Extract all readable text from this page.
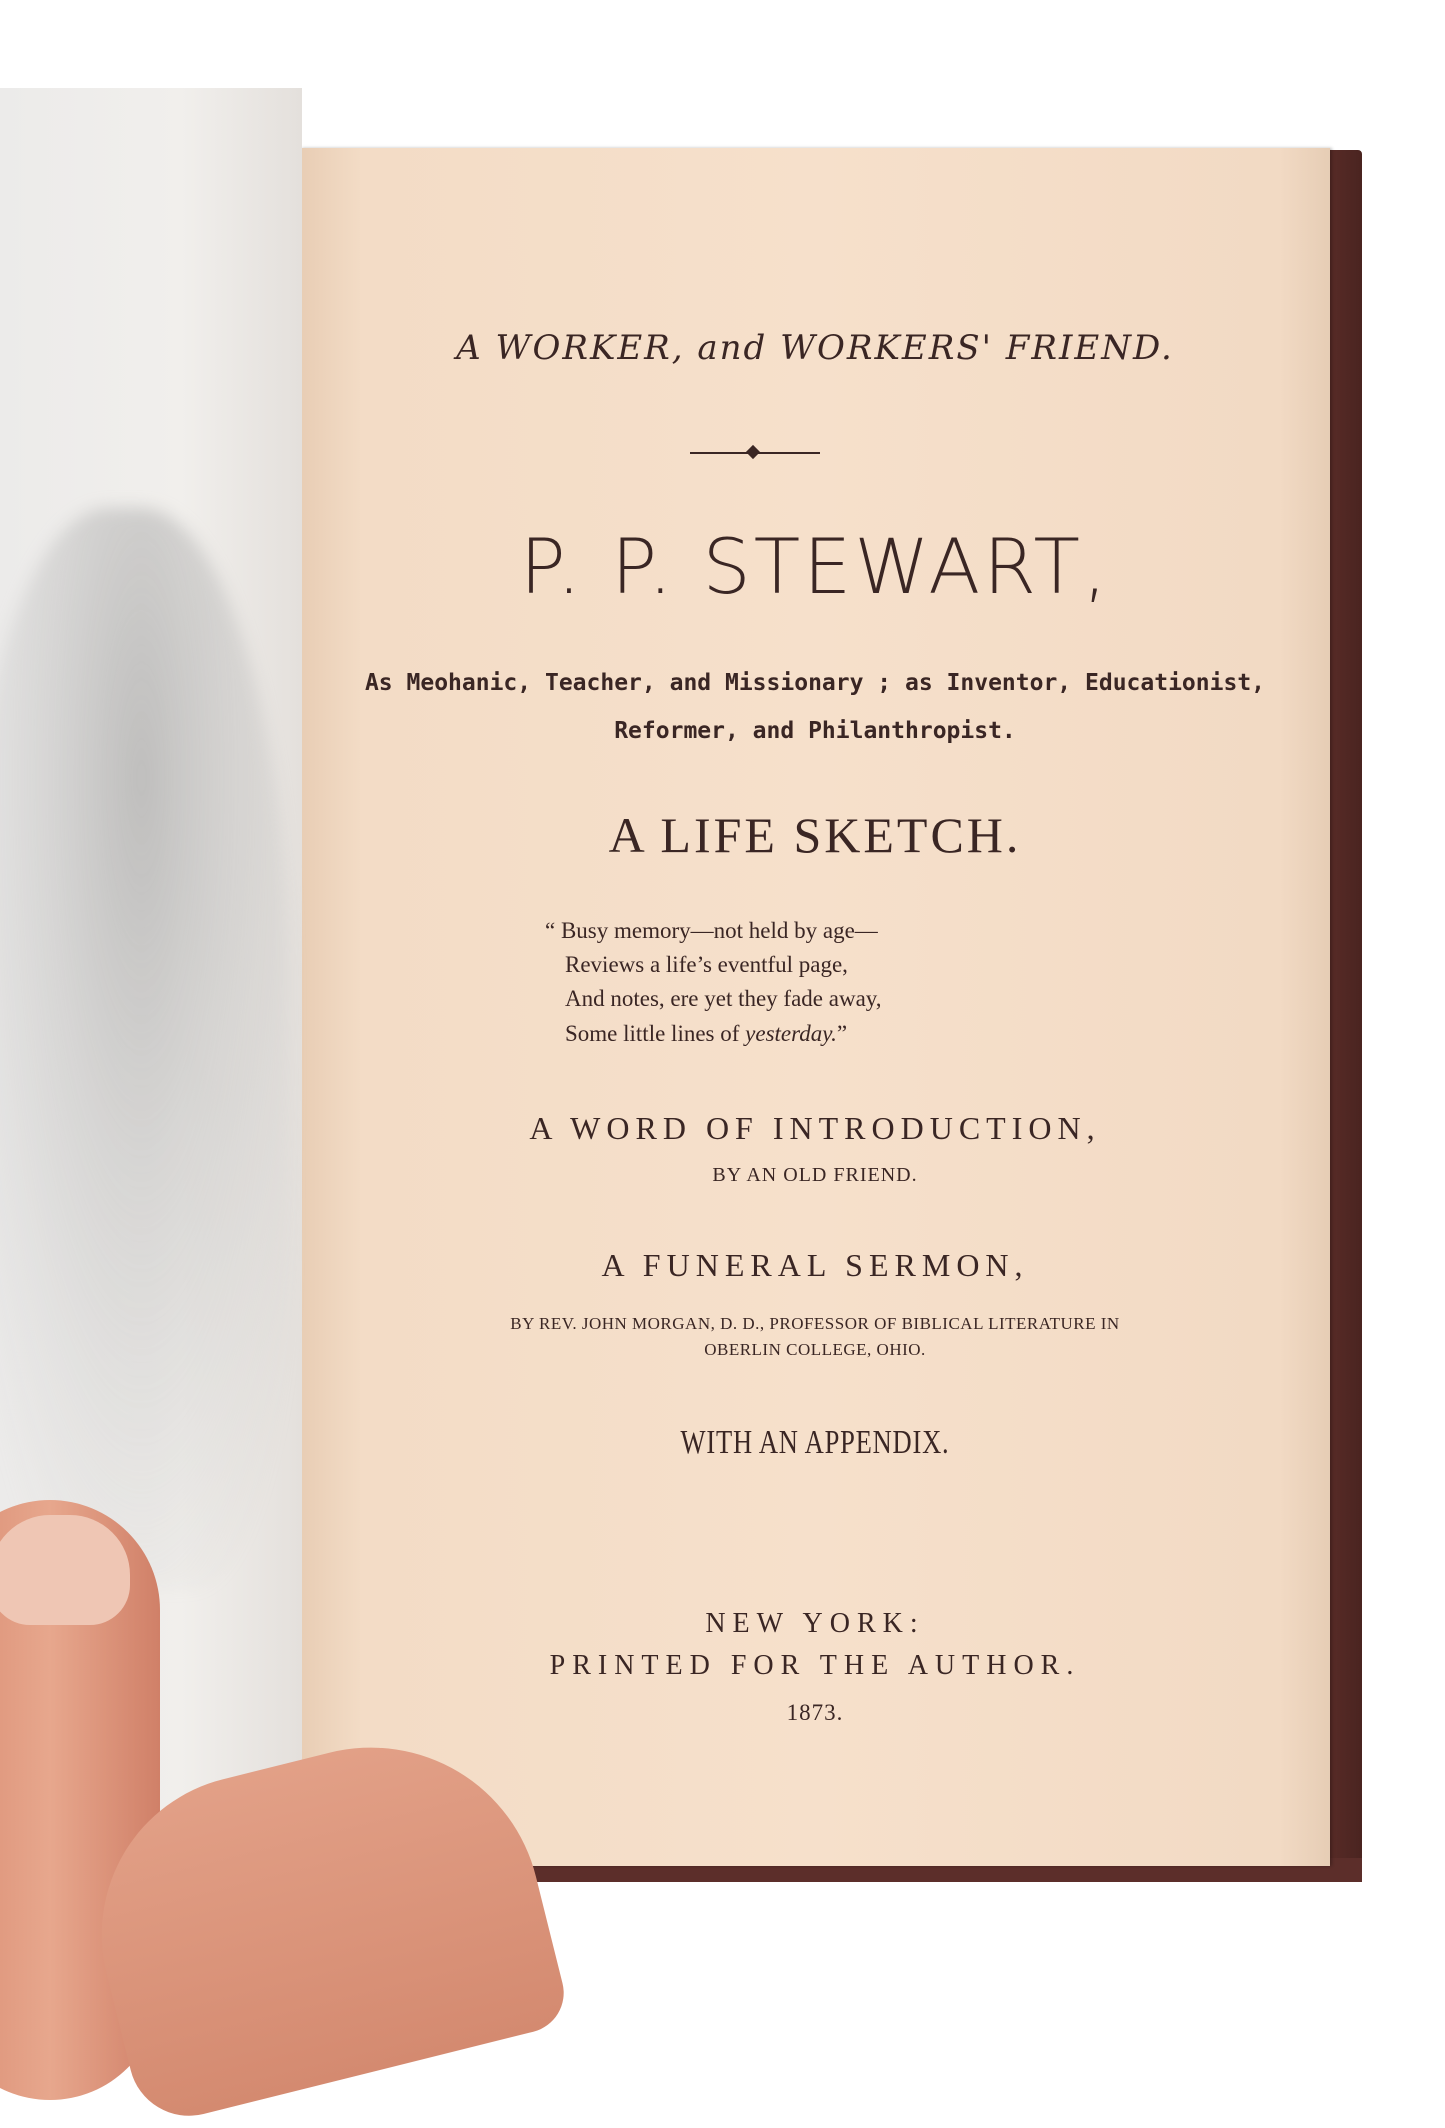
A WORKER, and WORKERS' FRIEND.
P. P. STEWART,
As Meohanic, Teacher, and Missionary ; as Inventor, Educationist,
Reformer, and Philanthropist.
A LIFE SKETCH.
“ Busy memory—not held by age—
Reviews a life’s eventful page,
And notes, ere yet they fade away,
Some little lines of yesterday.”
A WORD OF INTRODUCTION,
BY AN OLD FRIEND.
A FUNERAL SERMON,
BY REV. JOHN MORGAN, D. D., PROFESSOR OF BIBLICAL LITERATURE IN
OBERLIN COLLEGE, OHIO.
WITH AN APPENDIX.
NEW YORK:
PRINTED FOR THE AUTHOR.
1873.
